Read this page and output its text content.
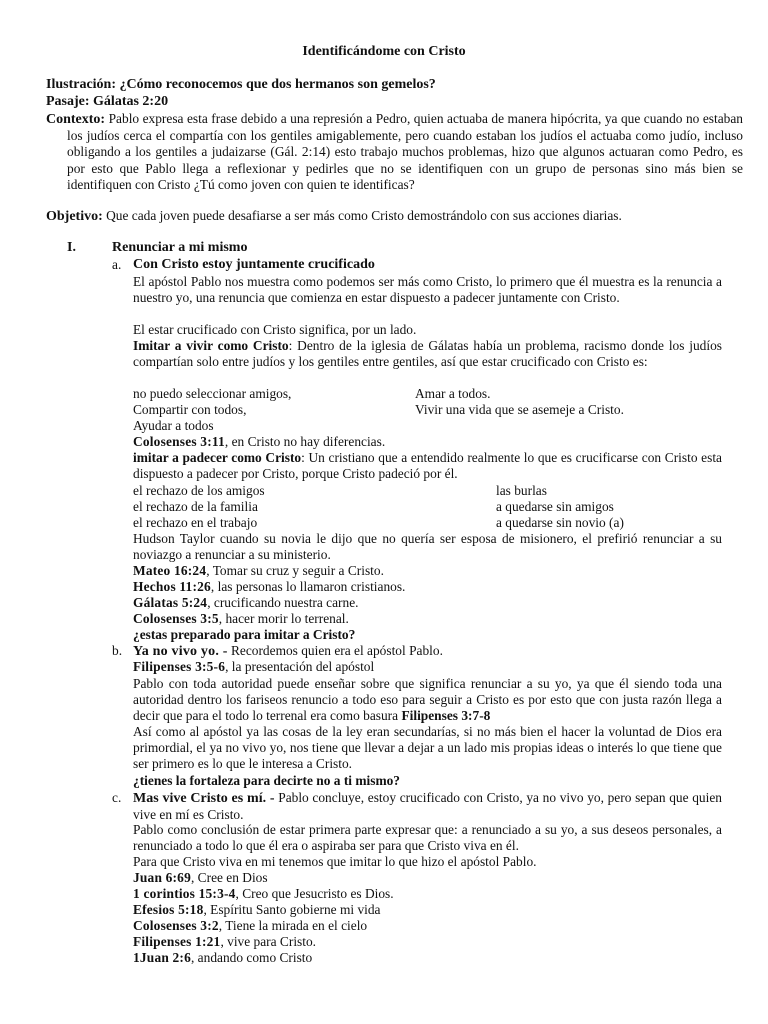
Identificándome con Cristo
Ilustración: ¿Cómo reconocemos que dos hermanos son gemelos?
Pasaje: Gálatas 2:20
Contexto: Pablo expresa esta frase debido a una represión a Pedro, quien actuaba de manera hipócrita, ya que cuando no estaban los judíos cerca el compartía con los gentiles amigablemente, pero cuando estaban los judíos el actuaba como judío, incluso obligando a los gentiles a judaizarse (Gál. 2:14) esto trabajo muchos problemas, hizo que algunos actuaran como Pedro, es por esto que Pablo llega a reflexionar y pedirles que no se identifiquen con un grupo de personas sino más bien se identifiquen con Cristo ¿Tú como joven con quien te identificas?
Objetivo: Que cada joven puede desafiarse a ser más como Cristo demostrándolo con sus acciones diarias.
I.	Renunciar a mi mismo
a. Con Cristo estoy juntamente crucificado
El apóstol Pablo nos muestra como podemos ser más como Cristo, lo primero que él muestra es la renuncia a nuestro yo, una renuncia que comienza en estar dispuesto a padecer juntamente con Cristo.
El estar crucificado con Cristo significa, por un lado.
Imitar a vivir como Cristo: Dentro de la iglesia de Gálatas había un problema, racismo donde los judíos compartían solo entre judíos y los gentiles entre gentiles, así que estar crucificado con Cristo es:
no puedo seleccionar amigos,
Compartir con todos,
Ayudar a todos
Amar a todos.
Vivir una vida que se asemeje a Cristo.
Colosenses 3:11, en Cristo no hay diferencias.
imitar a padecer como Cristo: Un cristiano que a entendido realmente lo que es crucificarse con Cristo esta dispuesto a padecer por Cristo, porque Cristo padeció por él.
el rechazo de los amigos
el rechazo de la familia
el rechazo en el trabajo
las burlas
a quedarse sin amigos
a quedarse sin novio (a)
Hudson Taylor cuando su novia le dijo que no quería ser esposa de misionero, el prefirió renunciar a su noviazgo a renunciar a su ministerio.
Mateo 16:24, Tomar su cruz y seguir a Cristo.
Hechos 11:26, las personas lo llamaron cristianos.
Gálatas 5:24, crucificando nuestra carne.
Colosenses 3:5, hacer morir lo terrenal.
¿estas preparado para imitar a Cristo?
b. Ya no vivo yo. - Recordemos quien era el apóstol Pablo.
Filipenses 3:5-6, la presentación del apóstol
Pablo con toda autoridad puede enseñar sobre que significa renunciar a su yo, ya que él siendo toda una autoridad dentro los fariseos renuncio a todo eso para seguir a Cristo es por esto que con justa razón llega a decir que para el todo lo terrenal era como basura Filipenses 3:7-8
Así como al apóstol ya las cosas de la ley eran secundarías, si no más bien el hacer la voluntad de Dios era primordial, el ya no vivo yo, nos tiene que llevar a dejar a un lado mis propias ideas o interés lo que tiene que ser primero es lo que le interesa a Cristo.
¿tienes la fortaleza para decirte no a ti mismo?
c. Mas vive Cristo es mí. - Pablo concluye, estoy crucificado con Cristo, ya no vivo yo, pero sepan que quien vive en mí es Cristo.
Pablo como conclusión de estar primera parte expresar que: a renunciado a su yo, a sus deseos personales, a renunciado a todo lo que él era o aspiraba ser para que Cristo viva en él.
Para que Cristo viva en mi tenemos que imitar lo que hizo el apóstol Pablo.
Juan 6:69, Cree en Dios
1 corintios 15:3-4, Creo que Jesucristo es Dios.
Efesios 5:18, Espíritu Santo gobierne mi vida
Colosenses 3:2, Tiene la mirada en el cielo
Filipenses 1:21, vive para Cristo.
1Juan 2:6, andando como Cristo
